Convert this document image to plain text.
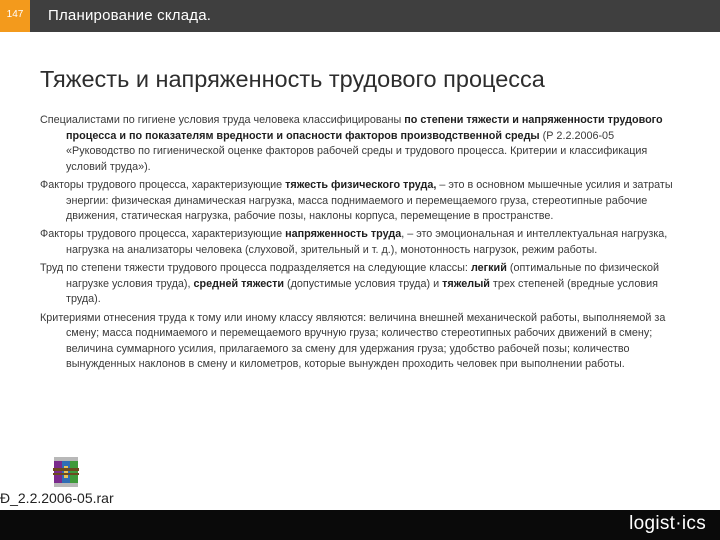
147	Планирование склада.
Тяжесть и напряженность трудового процесса

Специалистами по гигиене условия труда человека классифицированы по степени тяжести и напряженности трудового процесса и по показателям вредности и опасности факторов производственной среды (Р 2.2.2006-05 «Руководство по гигиенической оценке факторов рабочей среды и трудового процесса. Критерии и классификация условий труда»).

Факторы трудового процесса, характеризующие тяжесть физического труда, – это в основном мышечные усилия и затраты энергии: физическая динамическая нагрузка, масса поднимаемого и перемещаемого груза, стереотипные рабочие движения, статическая нагрузка, рабочие позы, наклоны корпуса, перемещение в пространстве.

Факторы трудового процесса, характеризующие напряженность труда, – это эмоциональная и интеллектуальная нагрузка, нагрузка на анализаторы человека (слуховой, зрительный и т. д.), монотонность нагрузок, режим работы.

Труд по степени тяжести трудового процесса подразделяется на следующие классы: легкий (оптимальные по физической нагрузке условия труда), средней тяжести (допустимые условия труда) и тяжелый трех степеней (вредные условия труда).

Критериями отнесения труда к тому или иному классу являются: величина внешней механической работы, выполняемой за смену; масса поднимаемого и перемещаемого вручную груза; количество стереотипных рабочих движений в смену; величина суммарного усилия, прилагаемого за смену для удержания груза; удобство рабочей позы; количество вынужденных наклонов в смену и километров, которые вынужден проходить человек при выполнении работы.

Ð_2.2.2006-05.rar
logist·ics
